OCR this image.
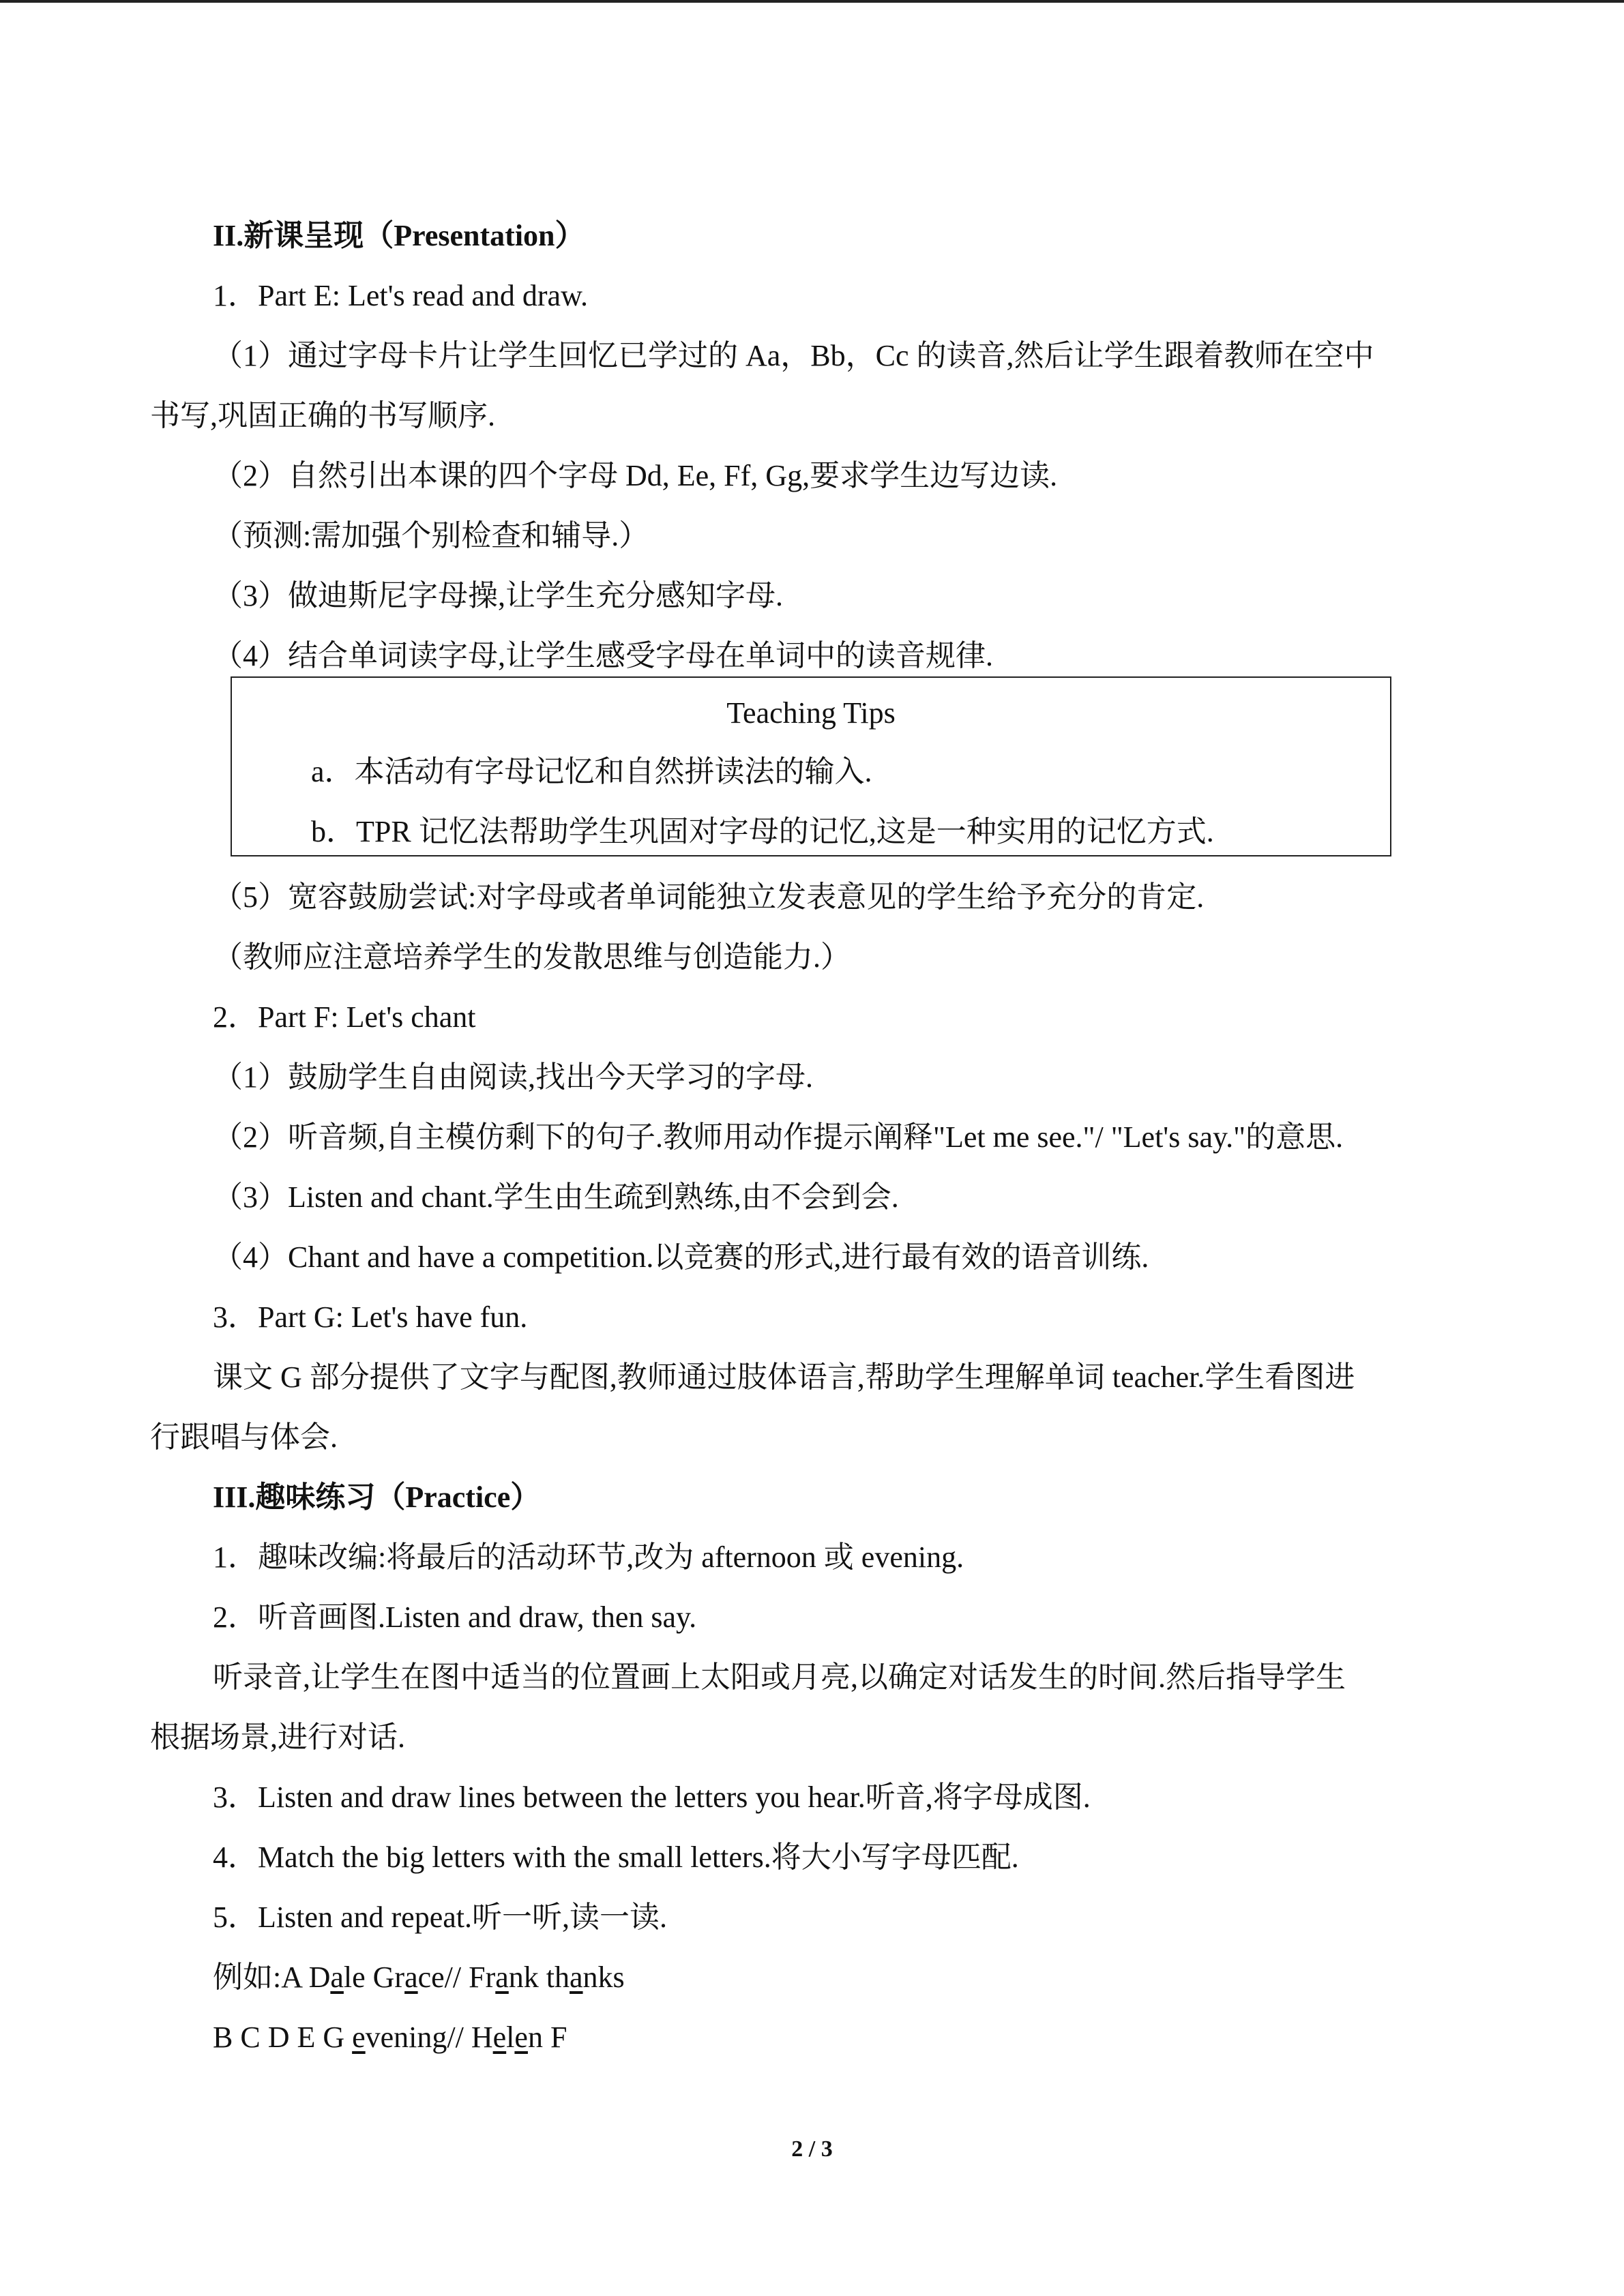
II.新课呈现（Presentation）
1．Part E: Let's read and draw.
（1）通过字母卡片让学生回忆已学过的 Aa，Bb，Cc 的读音,然后让学生跟着教师在空中
书写,巩固正确的书写顺序.
（2）自然引出本课的四个字母 Dd, Ee, Ff, Gg,要求学生边写边读.
（预测:需加强个别检查和辅导.）
（3）做迪斯尼字母操,让学生充分感知字母.
（4）结合单词读字母,让学生感受字母在单词中的读音规律.
Teaching Tips
a．本活动有字母记忆和自然拼读法的输入.
b．TPR 记忆法帮助学生巩固对字母的记忆,这是一种实用的记忆方式.
（5）宽容鼓励尝试:对字母或者单词能独立发表意见的学生给予充分的肯定.
（教师应注意培养学生的发散思维与创造能力.）
2．Part F: Let's chant
（1）鼓励学生自由阅读,找出今天学习的字母.
（2）听音频,自主模仿剩下的句子.教师用动作提示阐释"Let me see."/ "Let's say."的意思.
（3）Listen and chant.学生由生疏到熟练,由不会到会.
（4）Chant and have a competition.以竞赛的形式,进行最有效的语音训练.
3．Part G: Let's have fun.
课文 G 部分提供了文字与配图,教师通过肢体语言,帮助学生理解单词 teacher.学生看图进
行跟唱与体会.
III.趣味练习（Practice）
1．趣味改编:将最后的活动环节,改为 afternoon 或 evening.
2．听音画图.Listen and draw, then say.
听录音,让学生在图中适当的位置画上太阳或月亮,以确定对话发生的时间.然后指导学生
根据场景,进行对话.
3．Listen and draw lines between the letters you hear.听音,将字母成图.
4．Match the big letters with the small letters.将大小写字母匹配.
5．Listen and repeat.听一听,读一读.
例如:A Dale Grace// Frank thanks
B C D E G evening// Helen F
2 / 3
